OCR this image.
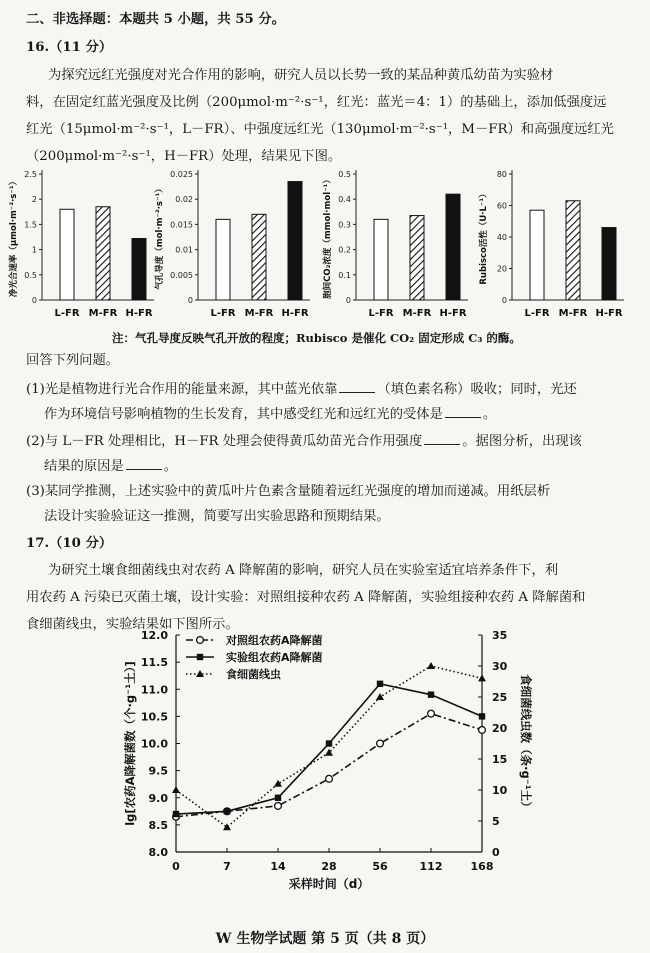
二、非选择题：本题共 5 小题，共 55 分。
16.（11 分）
为探究远红光强度对光合作用的影响，研究人员以长势一致的某品种黄瓜幼苗为实验材
料，在固定红蓝光强度及比例（200μmol·m⁻²·s⁻¹，红光：蓝光＝4：1）的基础上，添加低强度远
红光（15μmol·m⁻²·s⁻¹，L－FR）、中强度远红光（130μmol·m⁻²·s⁻¹，M－FR）和高强度远红光
（200μmol·m⁻²·s⁻¹，H－FR）处理，结果见下图。
0
0.5
1
1.5
2
2.5
净光合速率（μmol·m⁻²·s⁻¹）
L-FR M-FR H-FR
0
0.005
0.01
0.015
0.02
0.025
气孔导度（mol·m⁻²·s⁻¹）
L-FR M-FR H-FR
0
0.1
0.2
0.3
0.4
0.5
胞间CO₂浓度（mmol·mol⁻¹）
L-FR M-FR H-FR
0
20
40
60
80
Rubisco活性（U·L⁻¹）
L-FR M-FR H-FR
注：气孔导度反映气孔开放的程度；Rubisco 是催化 CO₂ 固定形成 C₃ 的酶。
回答下列问题。
(1)光是植物进行光合作用的能量来源，其中蓝光依靠	（填色素名称）吸收；同时，光还
作为环境信号影响植物的生长发育，其中感受红光和远红光的受体是	。
(2)与 L－FR 处理相比，H－FR 处理会使得黄瓜幼苗光合作用强度	。据图分析，出现该
结果的原因是	。
(3)某同学推测，上述实验中的黄瓜叶片色素含量随着远红光强度的增加而递减。用纸层析
法设计实验验证这一推测，简要写出实验思路和预期结果。
17.（10 分）
为研究土壤食细菌线虫对农药 A 降解菌的影响，研究人员在实验室适宜培养条件下，利
用农药 A 污染已灭菌土壤，设计实验：对照组接种农药 A 降解菌，实验组接种农药 A 降解菌和
食细菌线虫，实验结果如下图所示。
8.0
8.5
9.0
9.5
10.0
10.5
11.0
11.5
12.0
0
5
10
15
20
25
30
35
0	7	14	28	56	112	168
采样时间（d）
lg[农药A降解菌数（个·g⁻¹土）]	食细菌线虫数（条·g⁻¹土）
对照组农药A降解菌
实验组农药A降解菌
食细菌线虫
W 生物学试题 第 5 页（共 8 页）
